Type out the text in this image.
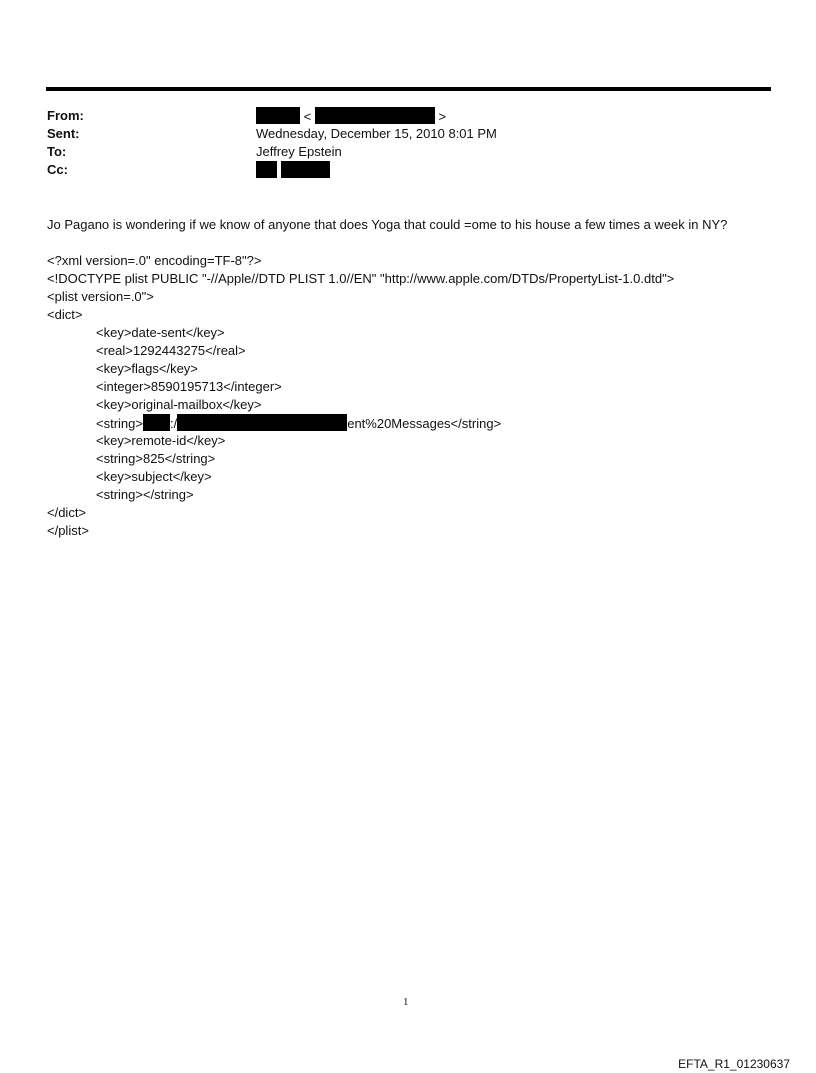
From:	<	>
Sent:	Wednesday, December 15, 2010 8:01 PM
To:	Jeffrey Epstein
Cc:

Jo Pagano is wondering if we know of anyone that does Yoga that could =ome to his house a few times a week in NY?
<?xml version=.0" encoding=TF-8"?>
<!DOCTYPE plist PUBLIC "-//Apple//DTD PLIST 1.0//EN" "http://www.apple.com/DTDs/PropertyList-1.0.dtd">
<plist version=.0">
<dict>
<key>date-sent</key>
<real>1292443275</real>
<key>flags</key>
<integer>8590195713</integer>
<key>original-mailbox</key>
<string> :/	ent%20Messages</string>
<key>remote-id</key>
<string>825</string>
<key>subject</key>
<string></string>
</dict>
</plist>
1
EFTA_R1_01230637
